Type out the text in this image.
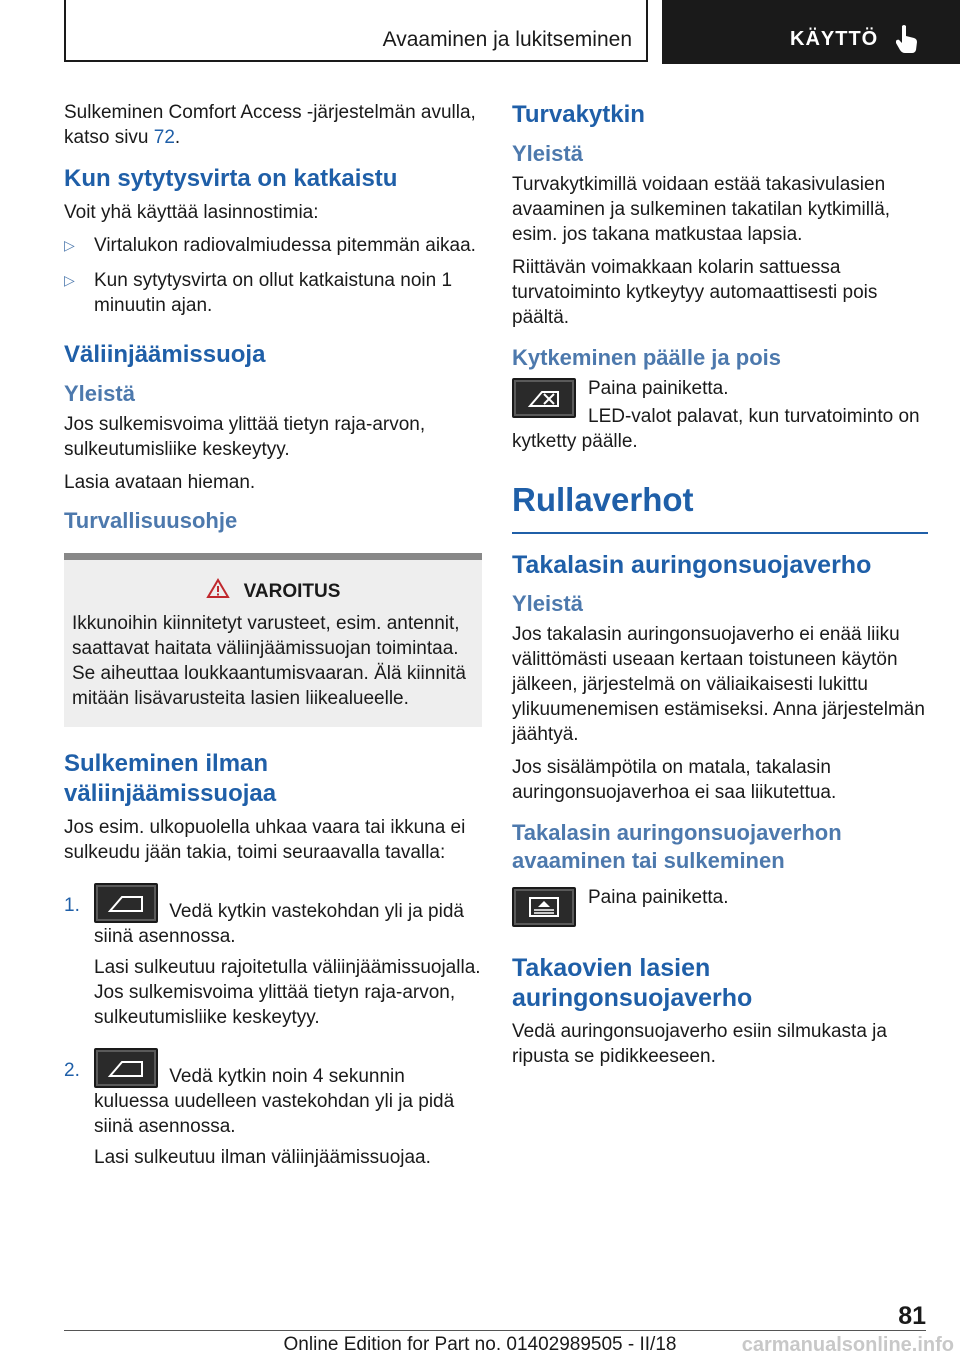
Avaaminen ja lukitseminen	KÄYTTÖ

Sulkeminen Comfort Access -järjestelmän avulla,
katso sivu 72.

Kun sytytysvirta on katkaistu

Voit yhä käyttää lasinnostimia:

▷ Virtalukon radiovalmiudessa pitemmän aikaa.
▷ Kun sytytysvirta on ollut katkaistuna noin 1 minuutin ajan.
Väliinjäämissuoja
Yleistä

Jos sulkemisvoima ylittää tietyn raja-arvon, sulkeutumisliike keskeytyy.

Lasia avataan hieman.

Turvallisuusohje
VAROITUS

Ikkunoihin kiinnitetyt varusteet, esim. antennit, saattavat haitata väliinjäämissuojan toimintaa. Se aiheuttaa loukkaantumisvaaran. Älä kiinnitä mitään lisävarusteita lasien liikealueelle.

Sulkeminen ilman väliinjäämissuojaa

Jos esim. ulkopuolella uhkaa vaara tai ikkuna ei sulkeudu jään takia, toimi seuraavalla tavalla:

1.	Vedä kytkin vastekohdan yli ja pidä siinä asennossa.

Lasi sulkeutuu rajoitetulla väliinjäämissuojalla. Jos sulkemisvoima ylittää tietyn raja-arvon, sulkeutumisliike keskeytyy.

2.	Vedä kytkin noin 4 sekunnin kuluessa uudelleen vastekohdan yli ja pidä siinä asennossa.

Lasi sulkeutuu ilman väliinjäämissuojaa.

Turvakytkin
Yleistä

Turvakytkimillä voidaan estää takasivulasien avaaminen ja sulkeminen takatilan kytkimillä, esim. jos takana matkustaa lapsia.

Riittävän voimakkaan kolarin sattuessa turvatoiminto kytkeytyy automaattisesti pois päältä.

Kytkeminen päälle ja pois

Paina painiketta.

LED-valot palavat, kun turvatoiminto on kytketty päälle.

Rullaverhot
Takalasin auringonsuojaverho
Yleistä

Jos takalasin auringonsuojaverho ei enää liiku välittömästi useaan kertaan toistuneen käytön jälkeen, järjestelmä on väliaikaisesti lukittu ylikuumenemisen estämiseksi. Anna järjestelmän jäähtyä.

Jos sisälämpötila on matala, takalasin auringonsuojaverhoa ei saa liikutettua.

Takalasin auringonsuojaverhon avaaminen tai sulkeminen

Paina painiketta.

Takaovien lasien auringonsuojaverho

Vedä auringonsuojaverho esiin silmukasta ja ripusta se pidikkeeseen.

81
Online Edition for Part no. 01402989505 - II/18	carmanualsonline.info
